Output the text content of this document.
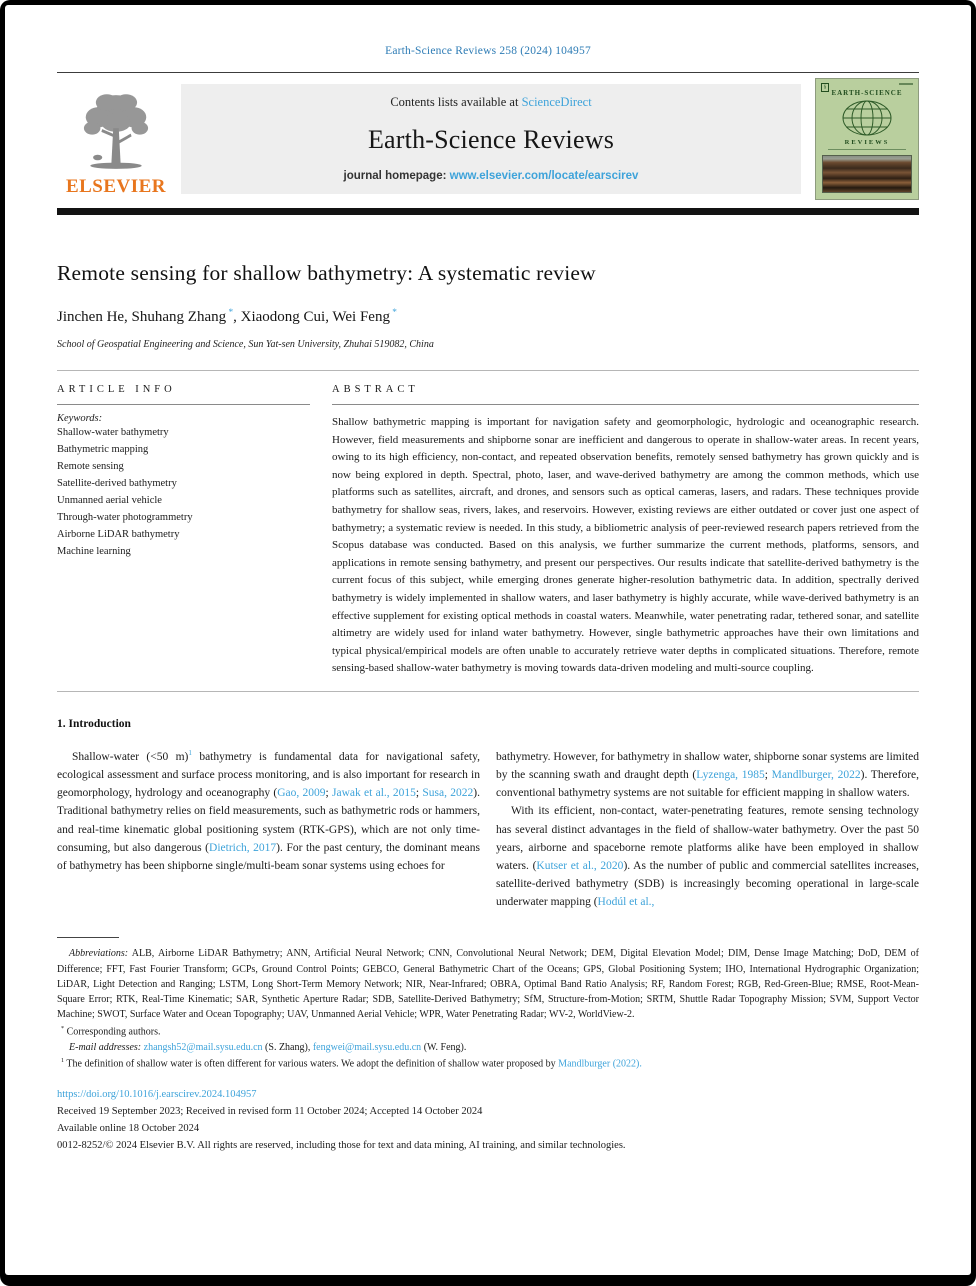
Earth-Science Reviews 258 (2024) 104957
ELSEVIER
Contents lists available at ScienceDirect
Earth-Science Reviews
journal homepage: www.elsevier.com/locate/earscirev
§
EARTH-SCIENCE
REVIEWS
Remote sensing for shallow bathymetry: A systematic review
Jinchen He, Shuhang Zhang *, Xiaodong Cui, Wei Feng *
School of Geospatial Engineering and Science, Sun Yat-sen University, Zhuhai 519082, China
ARTICLE INFO
Keywords:
Shallow-water bathymetry
Bathymetric mapping
Remote sensing
Satellite-derived bathymetry
Unmanned aerial vehicle
Through-water photogrammetry
Airborne LiDAR bathymetry
Machine learning
ABSTRACT

Shallow bathymetric mapping is important for navigation safety and geomorphologic, hydrologic and oceanographic research. However, field measurements and shipborne sonar are inefficient and dangerous to operate in shallow-water areas. In recent years, owing to its high efficiency, non-contact, and repeated observation benefits, remotely sensed bathymetry has grown quickly and is now being explored in depth. Spectral, photo, laser, and wave-derived bathymetry are among the common methods, which use platforms such as satellites, aircraft, and drones, and sensors such as optical cameras, lasers, and radars. These techniques provide bathymetry for shallow seas, rivers, lakes, and reservoirs. However, existing reviews are either outdated or cover just one aspect of bathymetry; a systematic review is needed. In this study, a bibliometric analysis of peer-reviewed research papers retrieved from the Scopus database was conducted. Based on this analysis, we further summarize the current methods, platforms, sensors, and applications in remote sensing bathymetry, and present our perspectives. Our results indicate that satellite-derived bathymetry is the current focus of this subject, while emerging drones generate higher-resolution bathymetric data. In addition, spectrally derived bathymetry is widely implemented in shallow waters, and laser bathymetry is highly accurate, while wave-derived bathymetry is an effective supplement for existing optical methods in coastal waters. Meanwhile, water penetrating radar, tethered sonar, and satellite altimetry are widely used for inland water bathymetry. However, single bathymetric approaches have their own limitations and typical physical/empirical models are often unable to accurately retrieve water depths in complicated situations. Therefore, remote sensing-based shallow-water bathymetry is moving towards data-driven modeling and multi-source coupling.

1. Introduction

Shallow-water (<50 m)$^1$ bathymetry is fundamental data for navigational safety, ecological assessment and surface process monitoring, and is also important for research in geomorphology, hydrology and oceanography (Gao, 2009; Jawak et al., 2015; Susa, 2022). Traditional bathymetry relies on field measurements, such as bathymetric rods or hammers, and real-time kinematic global positioning system (RTK-GPS), which are not only time-consuming, but also dangerous (Dietrich, 2017). For the past century, the dominant means of bathymetry has been shipborne single/multi-beam sonar systems using echoes for

bathymetry. However, for bathymetry in shallow water, shipborne sonar systems are limited by the scanning swath and draught depth (Lyzenga, 1985; Mandlburger, 2022). Therefore, conventional bathymetry systems are not suitable for efficient mapping in shallow waters.

With its efficient, non-contact, water-penetrating features, remote sensing technology has several distinct advantages in the field of shallow-water bathymetry. Over the past 50 years, airborne and spaceborne remote platforms alike have been employed in shallow waters. (Kutser et al., 2020). As the number of public and commercial satellites increases, satellite-derived bathymetry (SDB) is increasingly becoming operational in large-scale underwater mapping (Hodúl et al.,

Abbreviations: ALB, Airborne LiDAR Bathymetry; ANN, Artificial Neural Network; CNN, Convolutional Neural Network; DEM, Digital Elevation Model; DIM, Dense Image Matching; DoD, DEM of Difference; FFT, Fast Fourier Transform; GCPs, Ground Control Points; GEBCO, General Bathymetric Chart of the Oceans; GPS, Global Positioning System; IHO, International Hydrographic Organization; LiDAR, Light Detection and Ranging; LSTM, Long Short-Term Memory Network; NIR, Near-Infrared; OBRA, Optimal Band Ratio Analysis; RF, Random Forest; RGB, Red-Green-Blue; RMSE, Root-Mean-Square Error; RTK, Real-Time Kinematic; SAR, Synthetic Aperture Radar; SDB, Satellite-Derived Bathymetry; SfM, Structure-from-Motion; SRTM, Shuttle Radar Topography Mission; SVM, Support Vector Machine; SWOT, Surface Water and Ocean Topography; UAV, Unmanned Aerial Vehicle; WPR, Water Penetrating Radar; WV-2, WorldView-2.

* Corresponding authors.

E-mail addresses: zhangsh52@mail.sysu.edu.cn (S. Zhang), fengwei@mail.sysu.edu.cn (W. Feng).

$^1$ The definition of shallow water is often different for various waters. We adopt the definition of shallow water proposed by Mandlburger (2022).

https://doi.org/10.1016/j.earscirev.2024.104957
Received 19 September 2023; Received in revised form 11 October 2024; Accepted 14 October 2024
Available online 18 October 2024
0012-8252/© 2024 Elsevier B.V. All rights are reserved, including those for text and data mining, AI training, and similar technologies.
